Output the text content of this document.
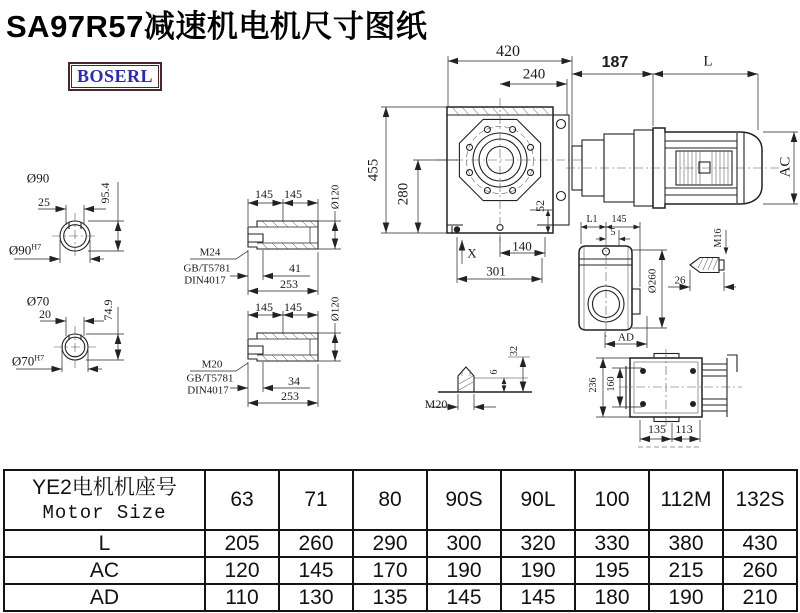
SA97R57减速机电机尺寸图纸
BOSERL
Ø90
25	95.4
$Ø90^{H7}$
Ø70
20	74.9
$Ø70^{H7}$
145 145	Ø120
M24
GB/T5781
DIN4017
41
253
145 145	Ø120
M20
GB/T5781
DIN4017
34
253
420
240
455
280
52
X	140
301
187	L
AC
L1 145
5
Ø260
AD
M16
26
M20
6
32
236 160
135 113
YE2电机机座号
Motor Size	63	71	80	90S	90L	100	112M	132S
L	205	260	290	300	320	330	380	430
AC	120	145	170	190	190	195	215	260
AD	110	130	135	145	145	180	190	210
